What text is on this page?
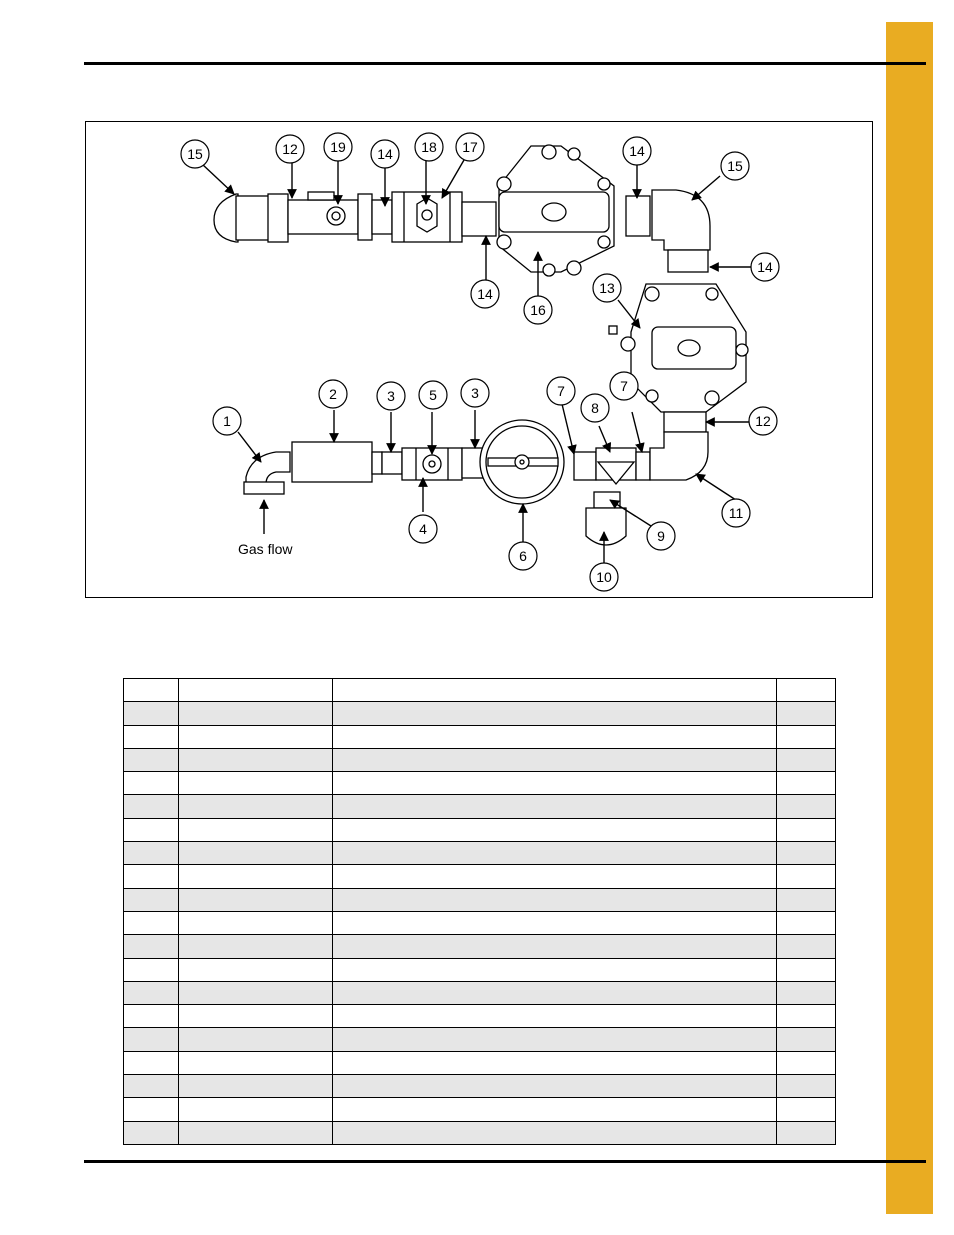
15	12 19 14 18 17
14
14
15
14
16
13
1
2	3 5 3	7
8
7
12
11
9
4
6
10
Gas flow
